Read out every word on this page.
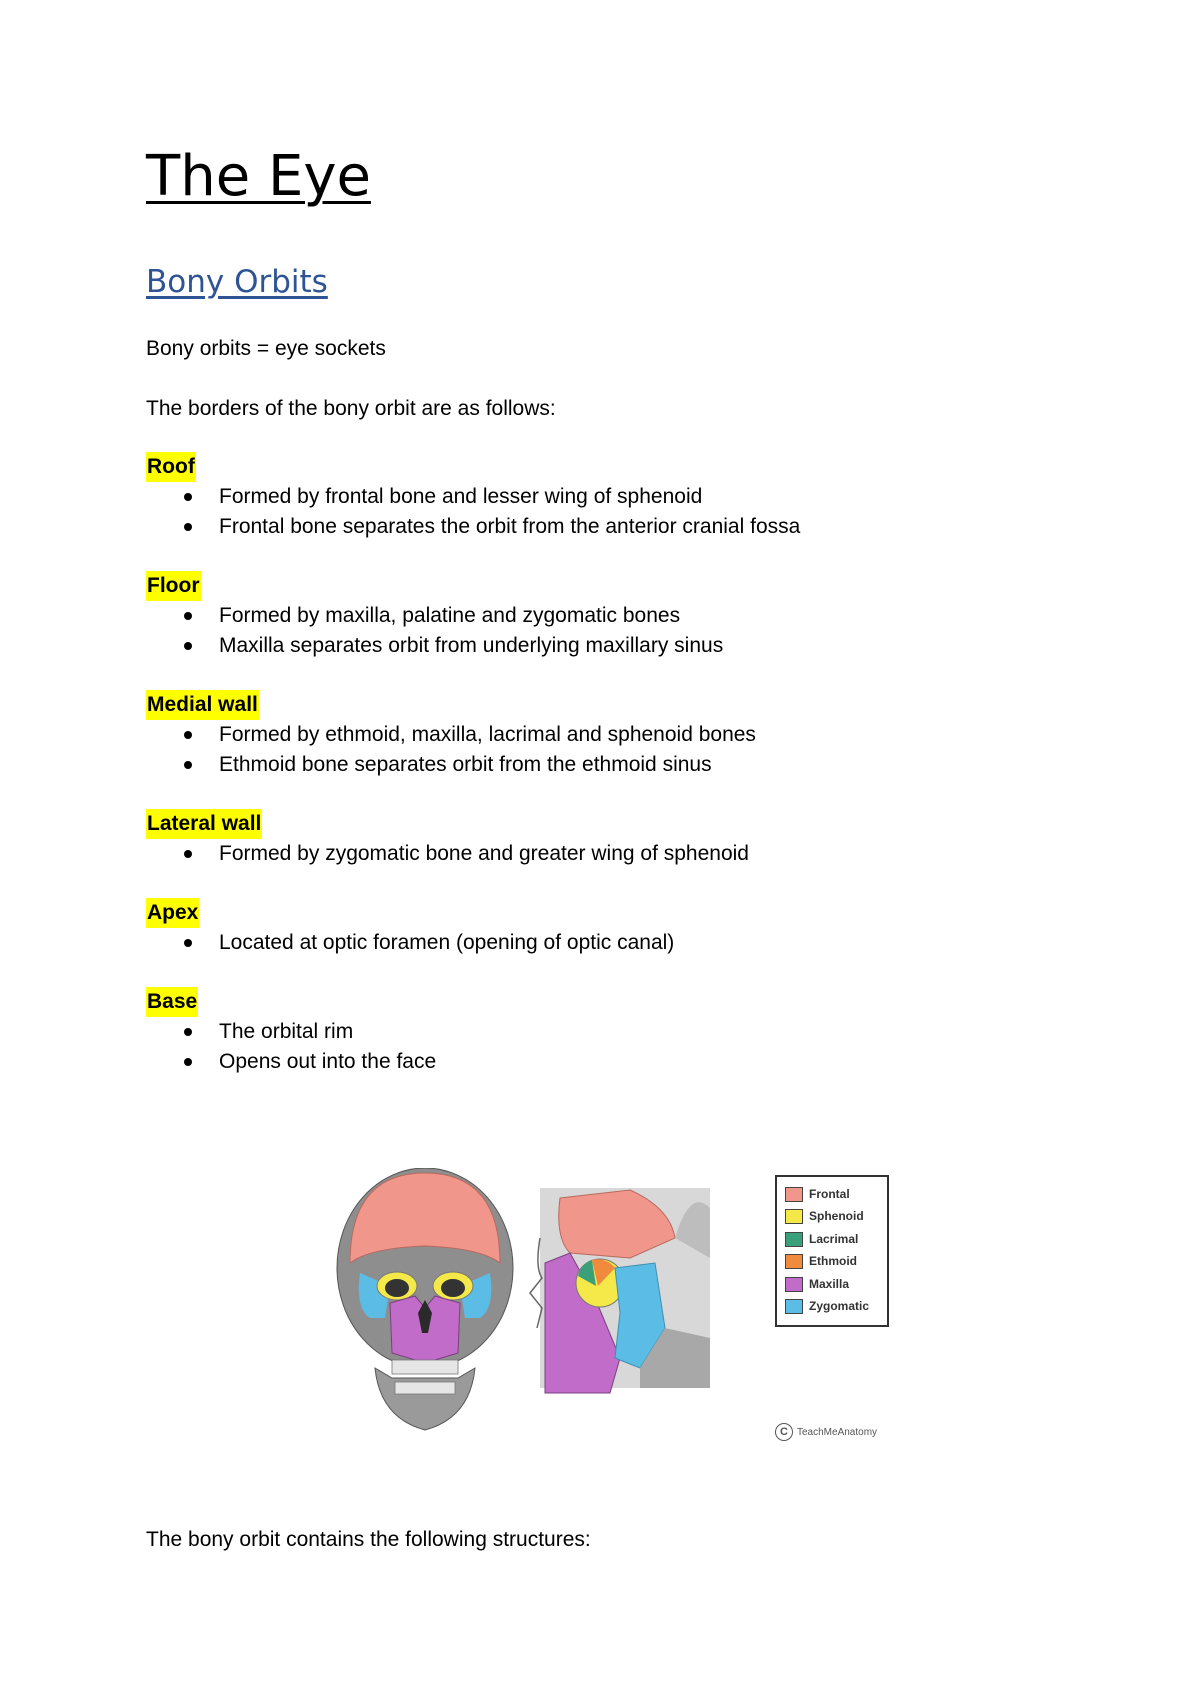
The Eye
Bony Orbits

Bony orbits = eye sockets

The borders of the bony orbit are as follows:

Roof
Formed by frontal bone and lesser wing of sphenoid
Frontal bone separates the orbit from the anterior cranial fossa
Floor
Formed by maxilla, palatine and zygomatic bones
Maxilla separates orbit from underlying maxillary sinus
Medial wall
Formed by ethmoid, maxilla, lacrimal and sphenoid bones
Ethmoid bone separates orbit from the ethmoid sinus
Lateral wall
Formed by zygomatic bone and greater wing of sphenoid
Apex
Located at optic foramen (opening of optic canal)
Base
The orbital rim
Opens out into the face
Frontal
Sphenoid
Lacrimal
Ethmoid
Maxilla
Zygomatic
C TeachMeAnatomy

The bony orbit contains the following structures:
